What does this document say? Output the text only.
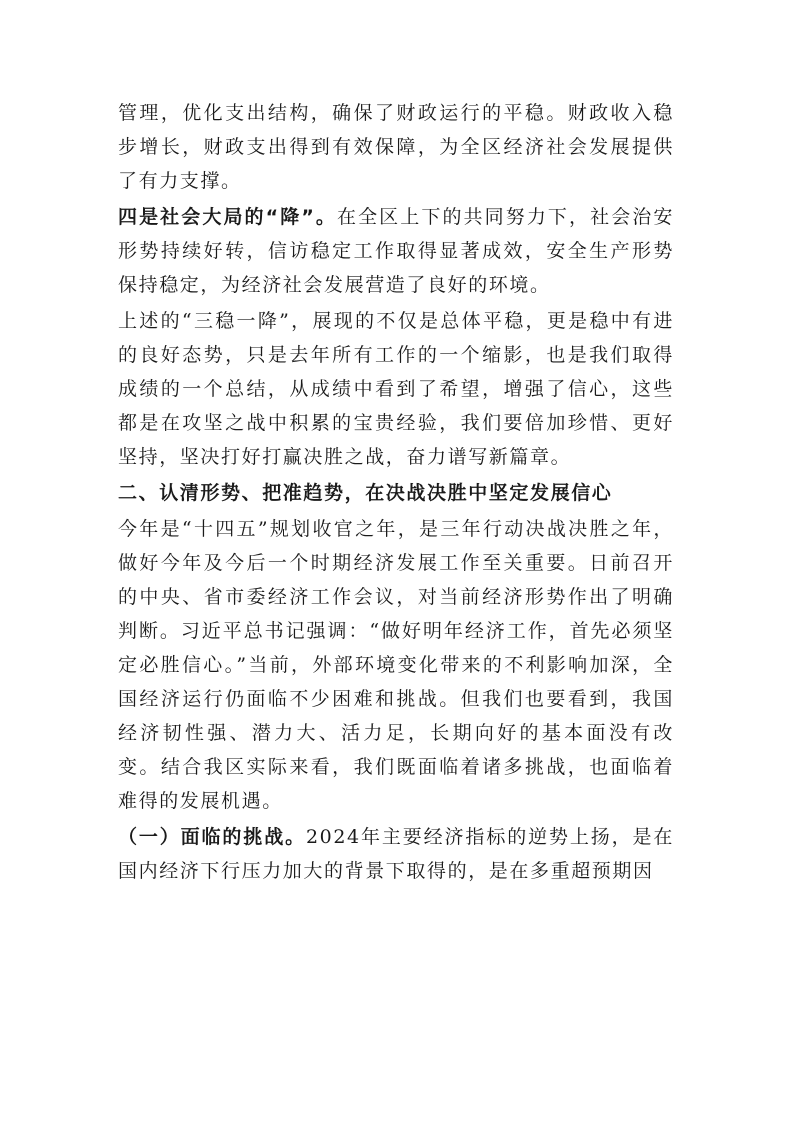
管理，优化支出结构，确保了财政运行的平稳。财政收入稳步增长，财政支出得到有效保障，为全区经济社会发展提供了有力支撑。

四是社会大局的“降”。在全区上下的共同努力下，社会治安形势持续好转，信访稳定工作取得显著成效，安全生产形势保持稳定，为经济社会发展营造了良好的环境。

上述的“三稳一降”，展现的不仅是总体平稳，更是稳中有进的良好态势，只是去年所有工作的一个缩影，也是我们取得成绩的一个总结，从成绩中看到了希望，增强了信心，这些都是在攻坚之战中积累的宝贵经验，我们要倍加珍惜、更好坚持，坚决打好打赢决胜之战，奋力谱写新篇章。

二、认清形势、把准趋势，在决战决胜中坚定发展信心

今年是“十四五”规划收官之年，是三年行动决战决胜之年，做好今年及今后一个时期经济发展工作至关重要。日前召开的中央、省市委经济工作会议，对当前经济形势作出了明确判断。习近平总书记强调：“做好明年经济工作，首先必须坚定必胜信心。”当前，外部环境变化带来的不利影响加深，全国经济运行仍面临不少困难和挑战。但我们也要看到，我国经济韧性强、潜力大、活力足，长期向好的基本面没有改变。结合我区实际来看，我们既面临着诸多挑战，也面临着难得的发展机遇。

（一）面临的挑战。2024年主要经济指标的逆势上扬，是在国内经济下行压力加大的背景下取得的，是在多重超预期因
